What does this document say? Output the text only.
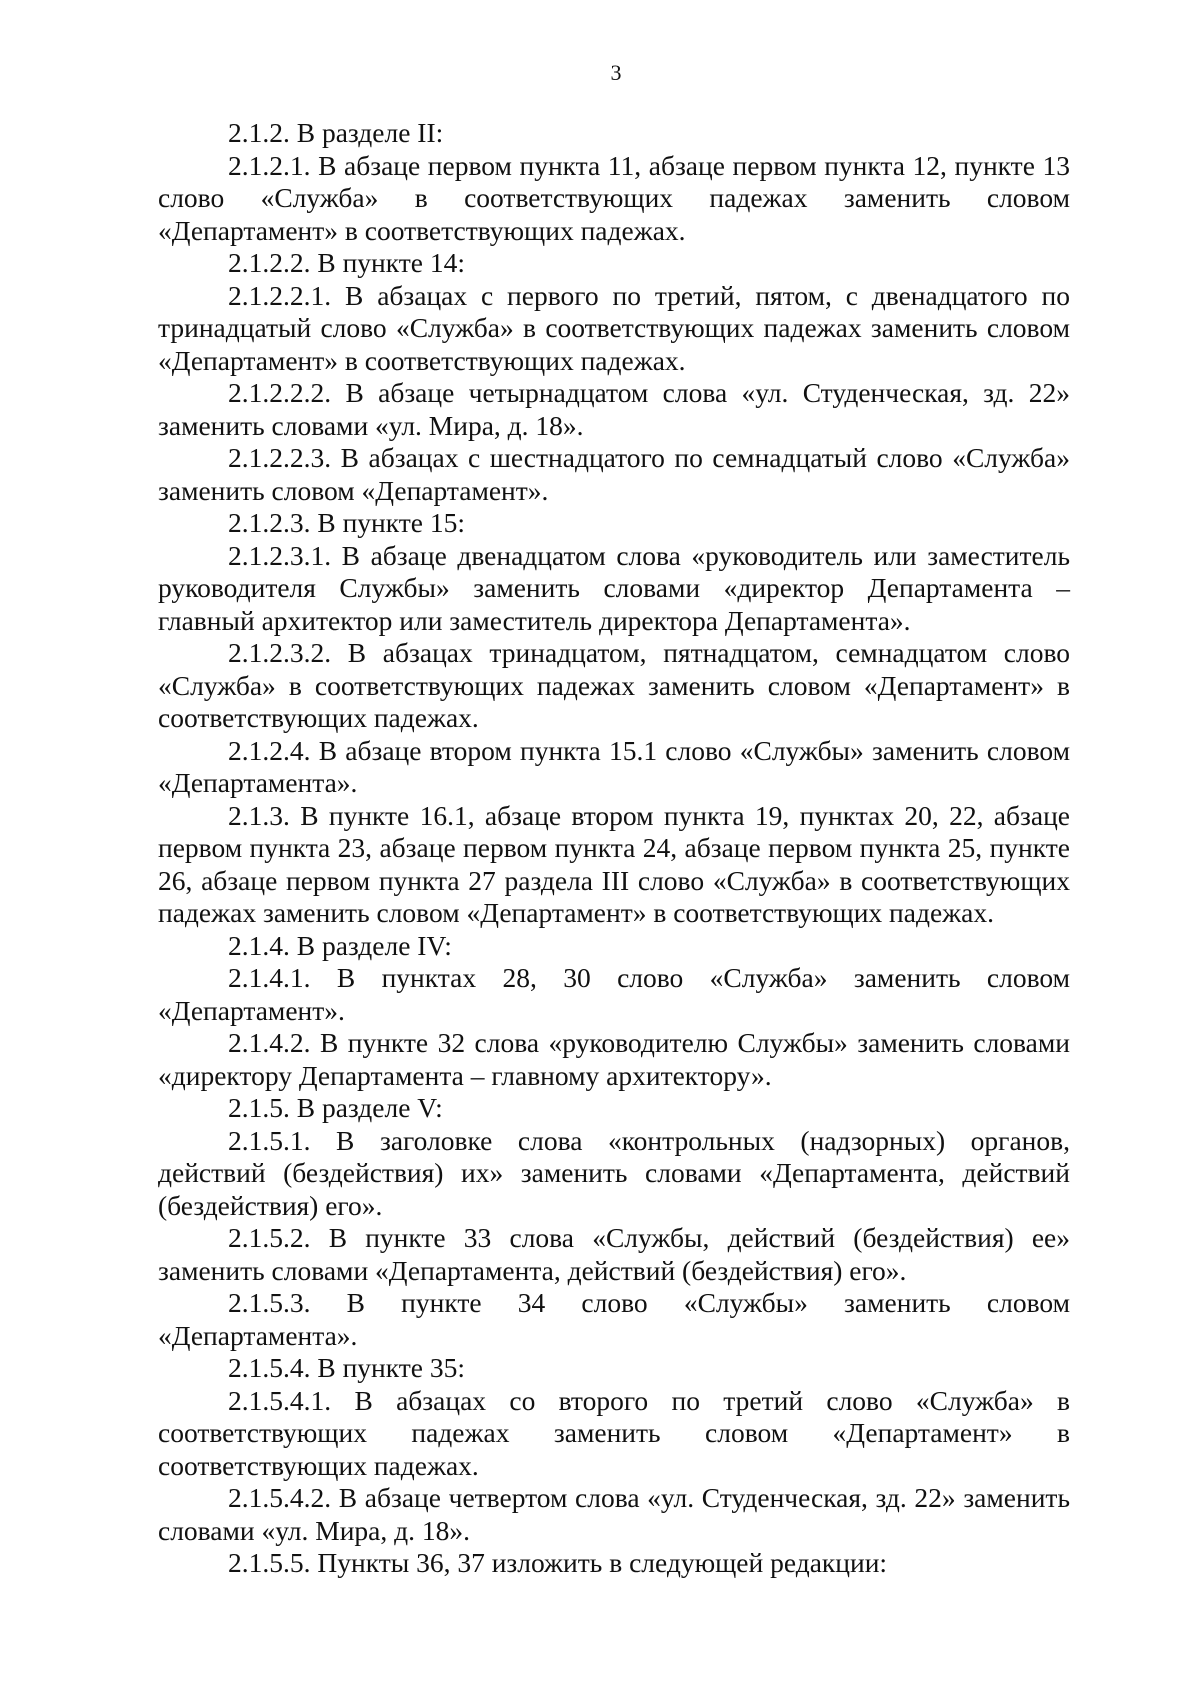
3

2.1.2. В разделе II:

2.1.2.1. В абзаце первом пункта 11, абзаце первом пункта 12, пункте 13 слово «Служба» в соответствующих падежах заменить словом «Департамент» в соответствующих падежах.

2.1.2.2. В пункте 14:

2.1.2.2.1. В абзацах с первого по третий, пятом, с двенадцатого по тринадцатый слово «Служба» в соответствующих падежах заменить словом «Департамент» в соответствующих падежах.

2.1.2.2.2. В абзаце четырнадцатом слова «ул. Студенческая, зд. 22» заменить словами «ул. Мира, д. 18».

2.1.2.2.3. В абзацах с шестнадцатого по семнадцатый слово «Служба» заменить словом «Департамент».

2.1.2.3. В пункте 15:

2.1.2.3.1. В абзаце двенадцатом слова «руководитель или заместитель руководителя Службы» заменить словами «директор Департамента – главный архитектор или заместитель директора Департамента».

2.1.2.3.2. В абзацах тринадцатом, пятнадцатом, семнадцатом слово «Служба» в соответствующих падежах заменить словом «Департамент» в соответствующих падежах.

2.1.2.4. В абзаце втором пункта 15.1 слово «Службы» заменить словом «Департамента».

2.1.3. В пункте 16.1, абзаце втором пункта 19, пунктах 20, 22, абзаце первом пункта 23, абзаце первом пункта 24, абзаце первом пункта 25, пункте 26, абзаце первом пункта 27 раздела III слово «Служба» в соответствующих падежах заменить словом «Департамент» в соответствующих падежах.

2.1.4. В разделе IV:

2.1.4.1. В пунктах 28, 30 слово «Служба» заменить словом «Департамент».

2.1.4.2. В пункте 32 слова «руководителю Службы» заменить словами «директору Департамента – главному архитектору».

2.1.5. В разделе V:

2.1.5.1. В заголовке слова «контрольных (надзорных) органов, действий (бездействия) их» заменить словами «Департамента, действий (бездействия) его».

2.1.5.2. В пункте 33 слова «Службы, действий (бездействия) ее» заменить словами «Департамента, действий (бездействия) его».

2.1.5.3. В пункте 34 слово «Службы» заменить словом «Департамента».

2.1.5.4. В пункте 35:

2.1.5.4.1. В абзацах со второго по третий слово «Служба» в соответствующих падежах заменить словом «Департамент» в соответствующих падежах.

2.1.5.4.2. В абзаце четвертом слова «ул. Студенческая, зд. 22» заменить словами «ул. Мира, д. 18».

2.1.5.5. Пункты 36, 37 изложить в следующей редакции:
